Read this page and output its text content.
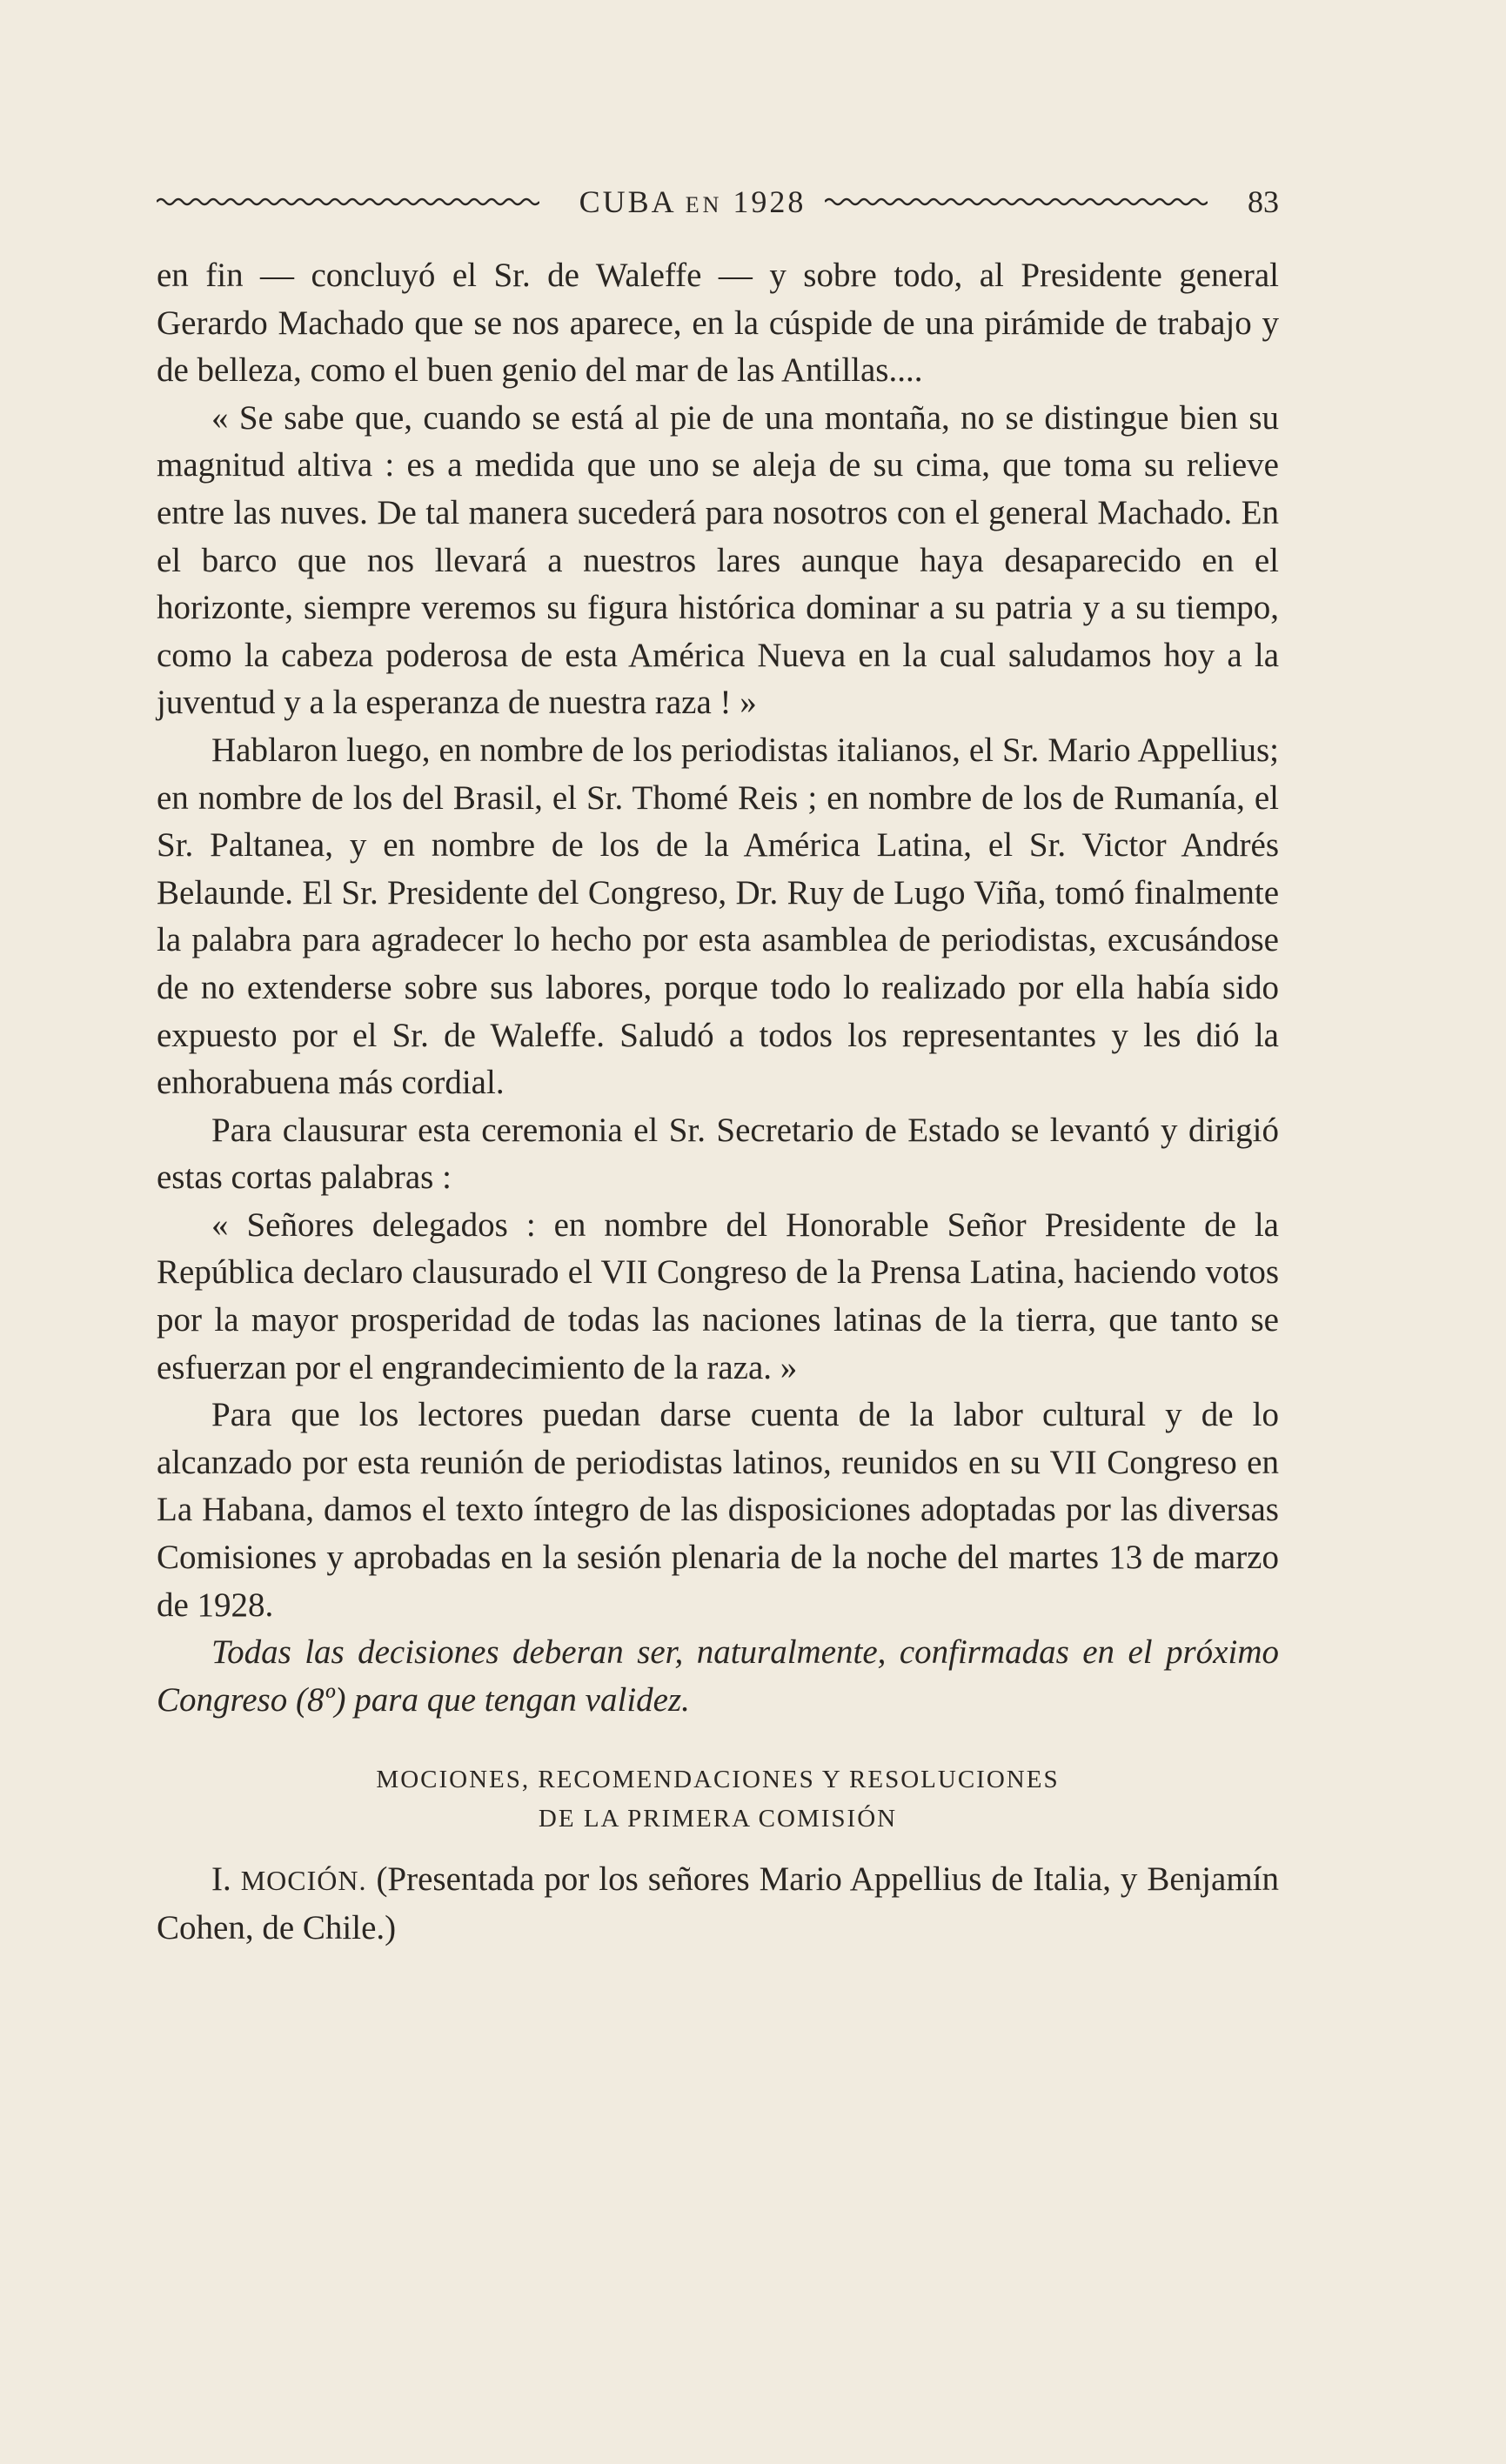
CUBA EN 1928	83

en fin — concluyó el Sr. de Waleffe — y sobre todo, al Presidente general Gerardo Machado que se nos aparece, en la cúspide de una pirámide de trabajo y de belleza, como el buen genio del mar de las Antillas....

« Se sabe que, cuando se está al pie de una montaña, no se distingue bien su magnitud altiva : es a medida que uno se aleja de su cima, que toma su relieve entre las nuves. De tal manera sucederá para nosotros con el general Machado. En el barco que nos llevará a nuestros lares aunque haya desaparecido en el horizonte, siempre veremos su figura histórica dominar a su patria y a su tiempo, como la cabeza poderosa de esta América Nueva en la cual saludamos hoy a la juventud y a la esperanza de nuestra raza ! »

Hablaron luego, en nombre de los periodistas italianos, el Sr. Mario Appellius; en nombre de los del Brasil, el Sr. Thomé Reis ; en nombre de los de Rumanía, el Sr. Paltanea, y en nombre de los de la América Latina, el Sr. Victor Andrés Belaunde. El Sr. Presidente del Congreso, Dr. Ruy de Lugo Viña, tomó finalmente la palabra para agradecer lo hecho por esta asamblea de periodistas, excusándose de no extenderse sobre sus labores, porque todo lo realizado por ella había sido expuesto por el Sr. de Waleffe. Saludó a todos los representantes y les dió la enhorabuena más cordial.

Para clausurar esta ceremonia el Sr. Secretario de Estado se levantó y dirigió estas cortas palabras :

« Señores delegados : en nombre del Honorable Señor Presidente de la República declaro clausurado el VII Congreso de la Prensa Latina, haciendo votos por la mayor prosperidad de todas las naciones latinas de la tierra, que tanto se esfuerzan por el engrandecimiento de la raza. »

Para que los lectores puedan darse cuenta de la labor cultural y de lo alcanzado por esta reunión de periodistas latinos, reunidos en su VII Congreso en La Habana, damos el texto íntegro de las disposiciones adoptadas por las diversas Comisiones y aprobadas en la sesión plenaria de la noche del martes 13 de marzo de 1928.

Todas las decisiones deberan ser, naturalmente, confirmadas en el próximo Congreso (8º) para que tengan validez.

MOCIONES, RECOMENDACIONES Y RESOLUCIONES
DE LA PRIMERA COMISIÓN

I. MOCIÓN. (Presentada por los señores Mario Appellius de Italia, y Benjamín Cohen, de Chile.)
